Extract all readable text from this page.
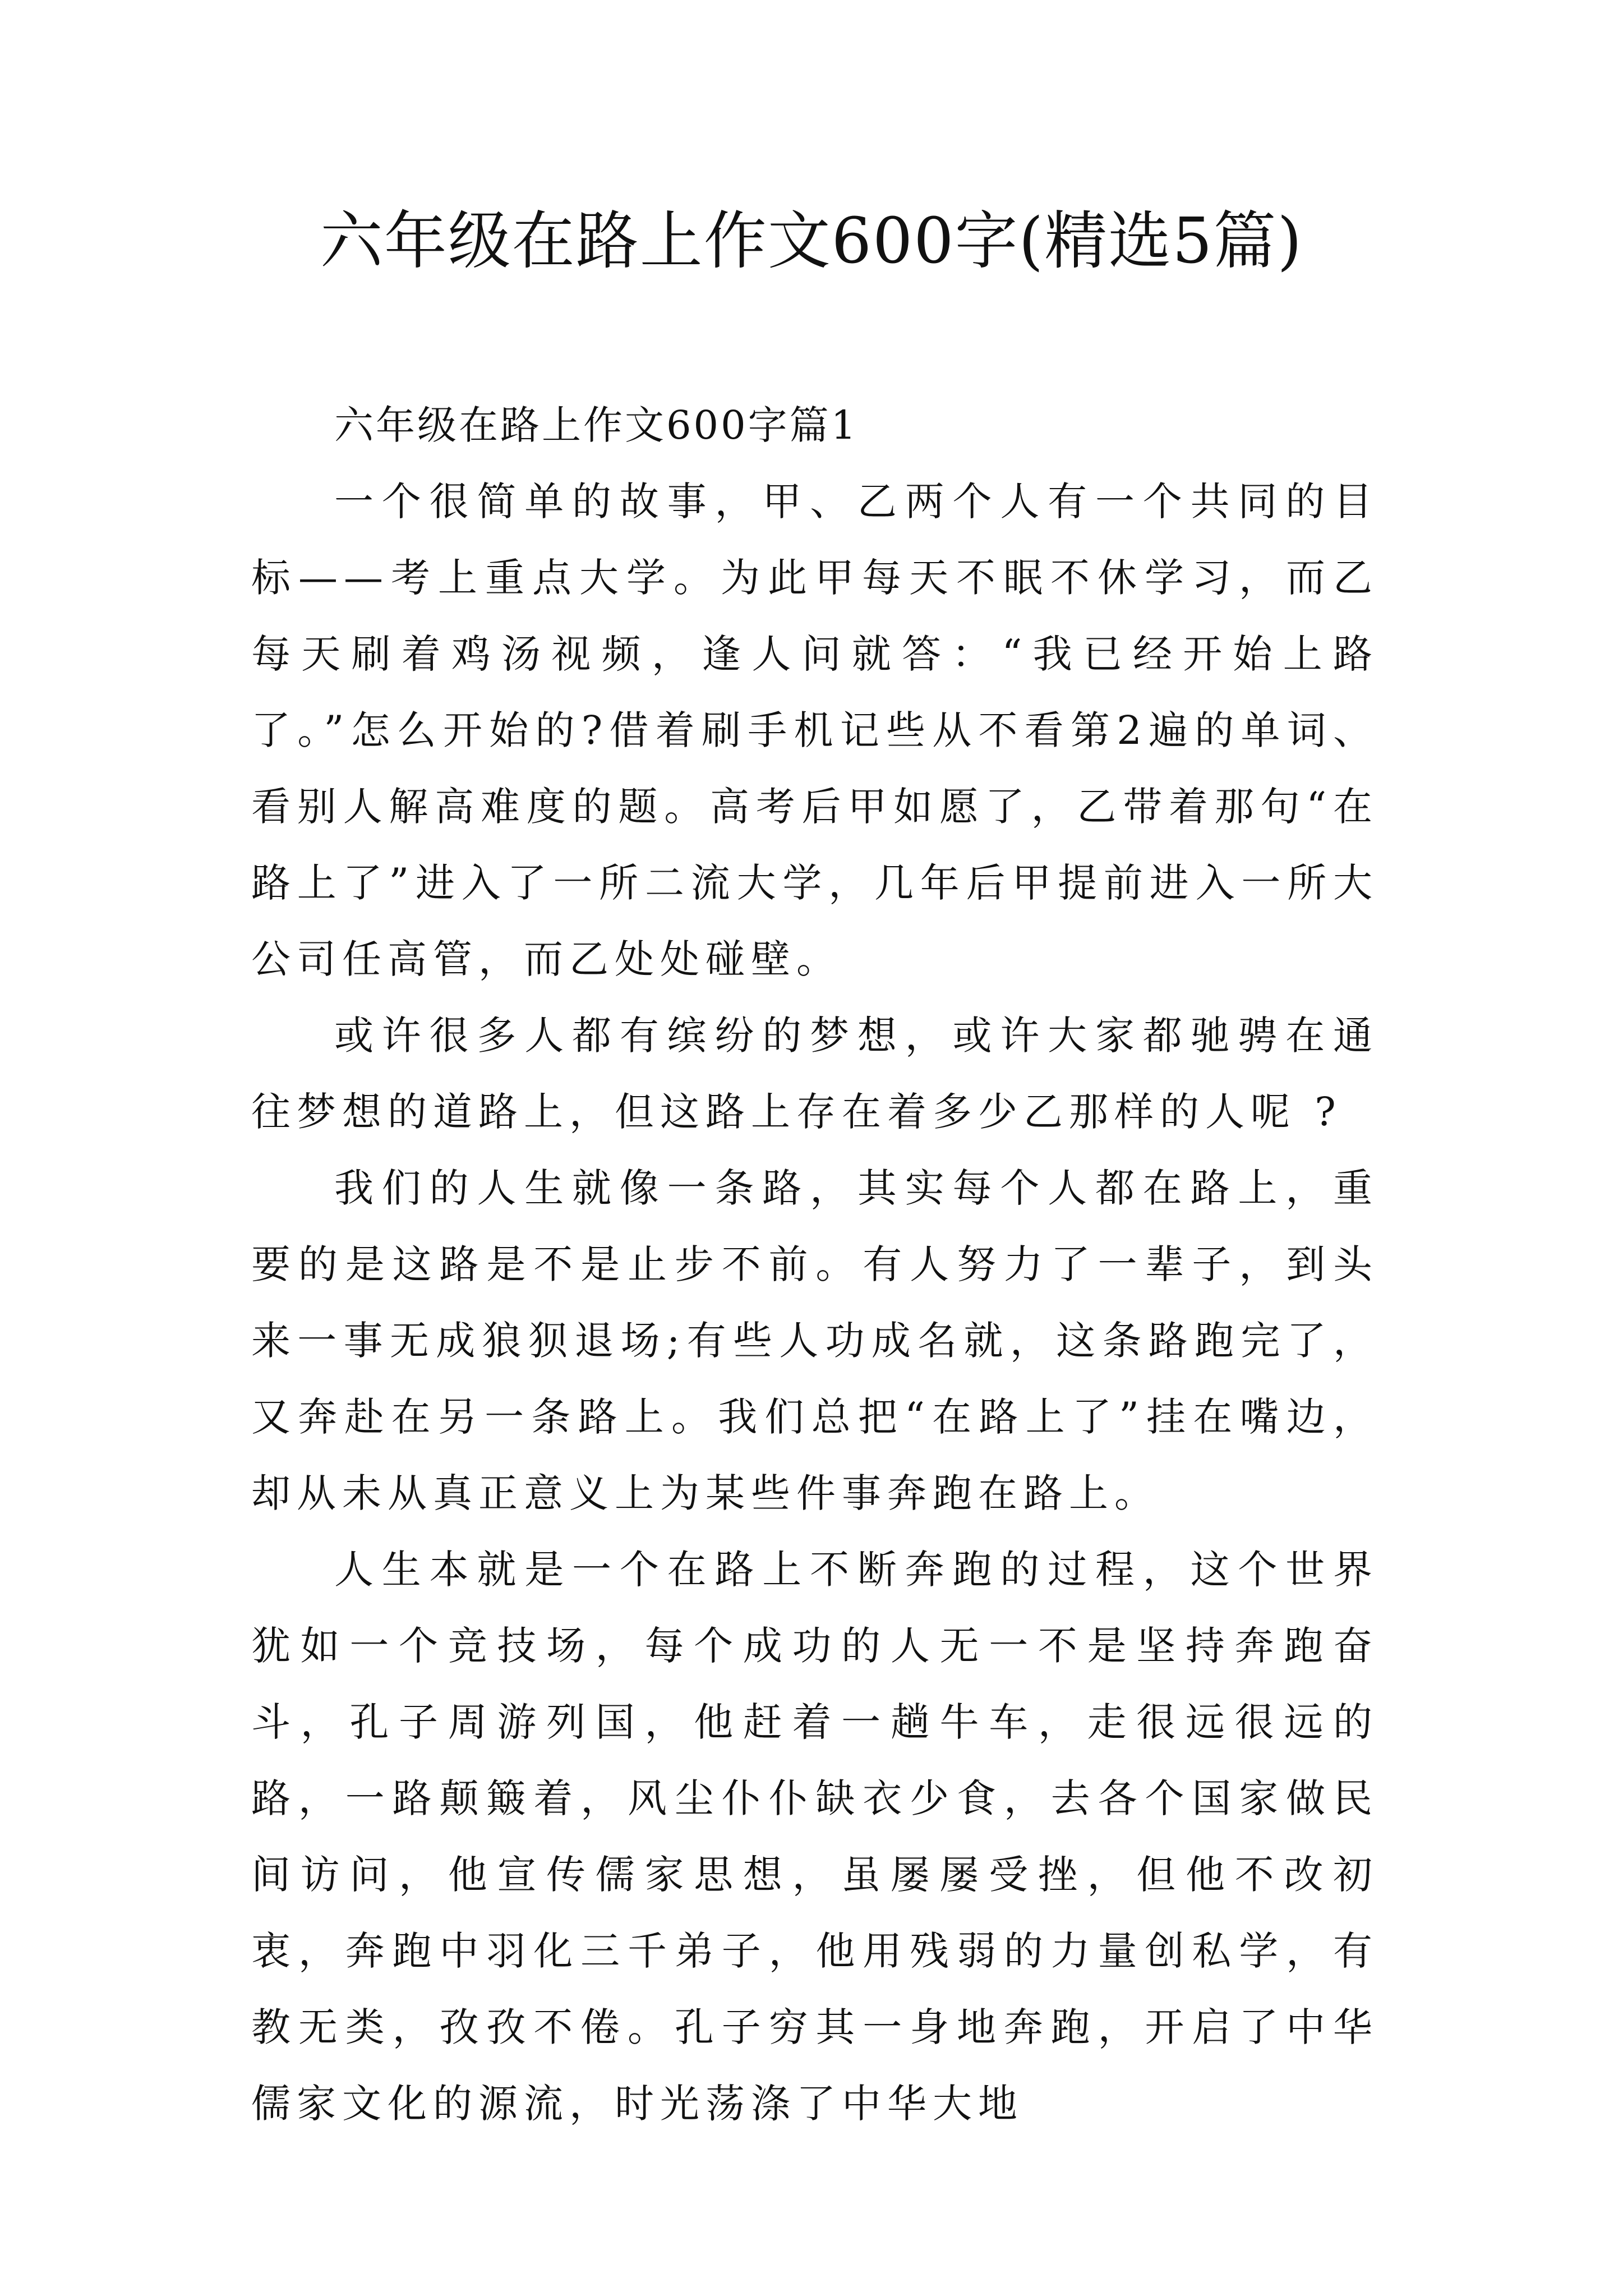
六年级在路上作文600字(精选5篇)
六年级在路上作文600字篇1

一个很简单的故事，甲、乙两个人有一个共同的目标——考上重点大学。为此甲每天不眠不休学习，而乙每天刷着鸡汤视频，逢人问就答：“我已经开始上路了。”怎么开始的?借着刷手机记些从不看第2遍的单词、看别人解高难度的题。高考后甲如愿了，乙带着那句“在路上了”进入了一所二流大学，几年后甲提前进入一所大公司任高管，而乙处处碰壁。

或许很多人都有缤纷的梦想，或许大家都驰骋在通往梦想的道路上，但这路上存在着多少乙那样的人呢 ?

我们的人生就像一条路，其实每个人都在路上，重要的是这路是不是止步不前。有人努力了一辈子，到头来一事无成狼狈退场;有些人功成名就，这条路跑完了，又奔赴在另一条路上。我们总把“在路上了”挂在嘴边，却从未从真正意义上为某些件事奔跑在路上。

人生本就是一个在路上不断奔跑的过程，这个世界犹如一个竞技场，每个成功的人无一不是坚持奔跑奋斗，孔子周游列国，他赶着一趟牛车，走很远很远的路，一路颠簸着，风尘仆仆缺衣少食，去各个国家做民间访问，他宣传儒家思想，虽屡屡受挫，但他不改初衷，奔跑中羽化三千弟子，他用残弱的力量创私学，有教无类，孜孜不倦。孔子穷其一身地奔跑，开启了中华儒家文化的源流，时光荡涤了中华大地
